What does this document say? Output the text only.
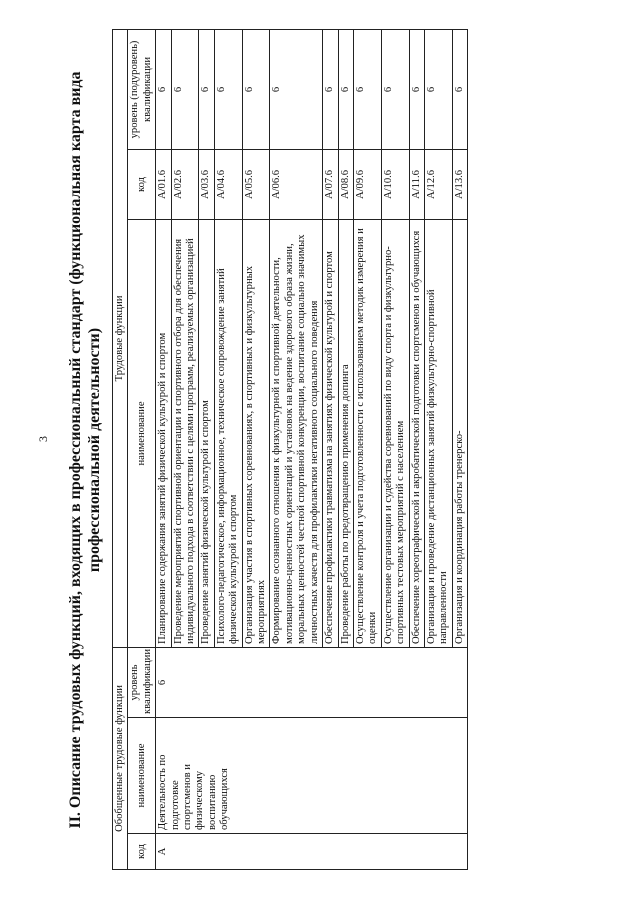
3 II. Описание трудовых функций, входящих в профессиональный стандарт (функциональная карта вида профессиональной деятельности)
Обобщенные трудовые функции			Трудовые функции		
код	наименование	уровень квалификации	наименование	код	уровень (подуровень) квалификации
A	Деятельность по подготовке спортсменов и физическому воспитанию обучающихся	6	Планирование содержания занятий физической культурой и спортом	A/01.6	6
			Проведение мероприятий спортивной ориентации и спортивного отбора для обеспечения индивидуального подхода в соответствии с целями программ, реализуемых организацией	A/02.6	6
			Проведение занятий физической культурой и спортом	A/03.6	6
			Психолого-педагогическое, информационное, техническое сопровождение занятий физической культурой и спортом	A/04.6	6
			Организация участия в спортивных соревнованиях, в спортивных и физкультурных мероприятиях	A/05.6	6
			Формирование осознанного отношения к физкультурной и спортивной деятельности, мотивационно-ценностных ориентаций и установок на ведение здорового образа жизни, моральных ценностей честной спортивной конкуренции, воспитание социально значимых личностных качеств для профилактики негативного социального поведения	A/06.6	6
			Обеспечение профилактики травматизма на занятиях физической культурой и спортом	A/07.6	6
			Проведение работы по предотвращению применения допинга	A/08.6	6
			Осуществление контроля и учета подготовленности с использованием методик измерения и оценки	A/09.6	6
			Осуществление организации и судейства соревнований по виду спорта и физкультурно-спортивных тестовых мероприятий с населением	A/10.6	6
			Обеспечение хореографической и акробатической подготовки спортсменов и обучающихся	A/11.6	6
			Организация и проведение дистанционных занятий физкультурно-спортивной направленности	A/12.6	6
			Организация и координация работы тренерско-	A/13.6	6
